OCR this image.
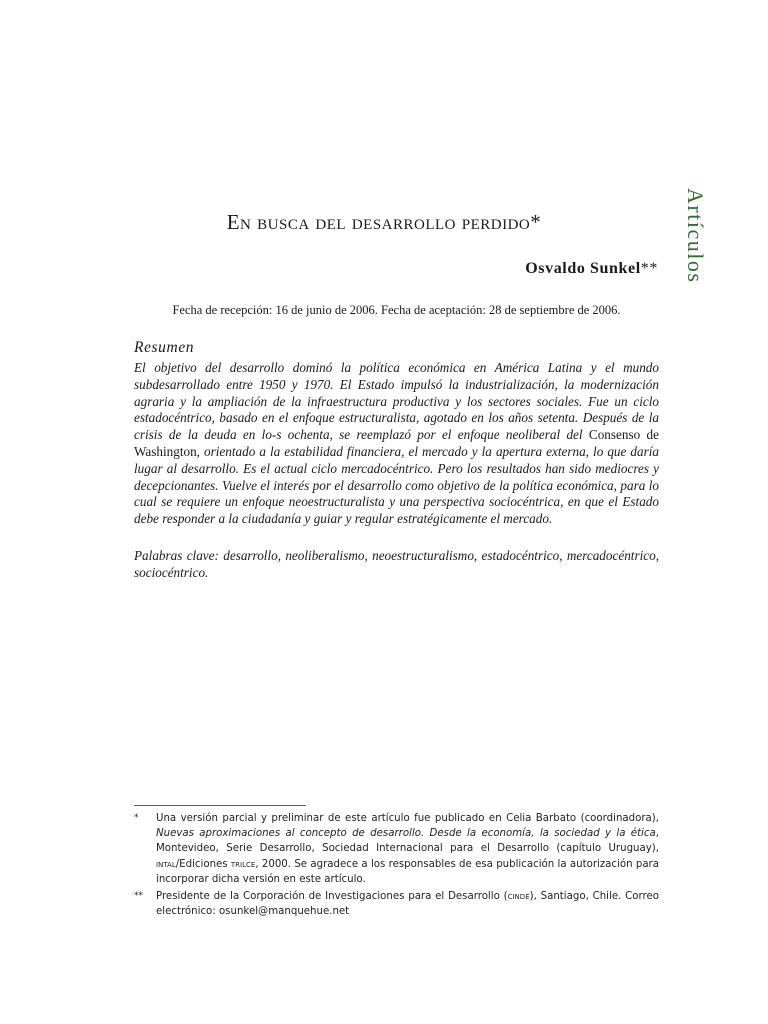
Artículos
En busca del desarrollo perdido*
Osvaldo Sunkel**
Fecha de recepción: 16 de junio de 2006. Fecha de aceptación: 28 de septiembre de 2006.
Resumen

El objetivo del desarrollo dominó la política económica en América Latina y el mundo subdesarrollado entre 1950 y 1970. El Estado impulsó la industrialización, la modernización agraria y la ampliación de la infraestructura productiva y los sectores sociales. Fue un ciclo estadocéntrico, basado en el enfoque estructuralista, agotado en los años setenta. Después de la crisis de la deuda en lo-s ochenta, se reemplazó por el enfoque neoliberal del Consenso de Washington, orientado a la estabilidad financiera, el mercado y la apertura externa, lo que daría lugar al desarrollo. Es el actual ciclo mercadocéntrico. Pero los resultados han sido mediocres y decepcionantes. Vuelve el interés por el desarrollo como objetivo de la política económica, para lo cual se requiere un enfoque neoestructuralista y una perspectiva sociocéntrica, en que el Estado debe responder a la ciudadanía y guiar y regular estratégicamente el mercado.

Palabras clave: desarrollo, neoliberalismo, neoestructuralismo, estadocéntrico, mercadocéntrico, sociocéntrico.

* Una versión parcial y preliminar de este artículo fue publicado en Celia Barbato (coordinadora), Nuevas aproximaciones al concepto de desarrollo. Desde la economía, la sociedad y la ética, Montevideo, Serie Desarrollo, Sociedad Internacional para el Desarrollo (capítulo Uruguay), intal/Ediciones trilce, 2000. Se agradece a los responsables de esa publicación la autorización para incorporar dicha versión en este artículo.
** Presidente de la Corporación de Investigaciones para el Desarrollo (cinde), Santiago, Chile. Correo electrónico: osunkel@manquehue.net
